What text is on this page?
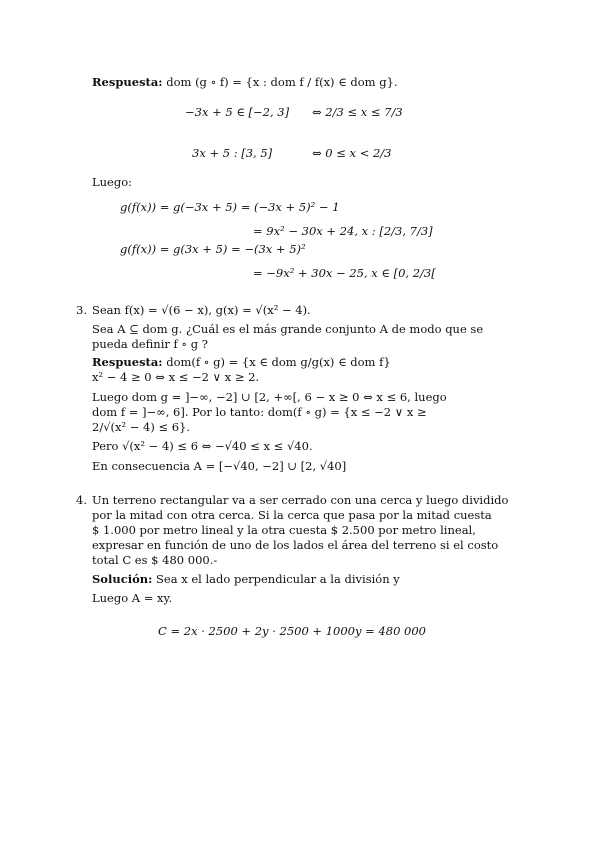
Respuesta: dom (g ∘ f) = {x : dom f / f(x) ∈ dom g}.
−3x + 5 ∈ [−2, 3] ⇔ 2/3 ≤ x ≤ 7/3
3x + 5 : [3, 5]	⇔ 0 ≤ x < 2/3
Luego:
g(f(x)) = g(−3x + 5) = (−3x + 5)² − 1
= 9x² − 30x + 24, x : [2/3, 7/3]
g(f(x)) = g(3x + 5) = −(3x + 5)²
= −9x² + 30x − 25, x ∈ [0, 2/3[
3. Sean f(x) = √(6 − x), g(x) = √(x² − 4).
Sea A ⊆ dom g. ¿Cuál es el más grande conjunto A de modo que se
pueda definir f ∘ g ?
Respuesta: dom(f ∘ g) = {x ∈ dom g/g(x) ∈ dom f}
x² − 4 ≥ 0 ⇔ x ≤ −2 ∨ x ≥ 2.
Luego dom g = ]−∞, −2] ∪ [2, +∞[, 6 − x ≥ 0 ⇔ x ≤ 6, luego
dom f = ]−∞, 6]. Por lo tanto: dom(f ∘ g) = {x ≤ −2 ∨ x ≥
2/√(x² − 4) ≤ 6}.
Pero √(x² − 4) ≤ 6 ⇔ −√40 ≤ x ≤ √40.
En consecuencia A = [−√40, −2] ∪ [2, √40]
4. Un terreno rectangular va a ser cerrado con una cerca y luego dividido
por la mitad con otra cerca. Si la cerca que pasa por la mitad cuesta
$ 1.000 por metro lineal y la otra cuesta $ 2.500 por metro lineal,
expresar en función de uno de los lados el área del terreno si el costo
total C es $ 480 000.-
Solución: Sea x el lado perpendicular a la división y
Luego A = xy.
C = 2x · 2500 + 2y · 2500 + 1000y = 480 000
